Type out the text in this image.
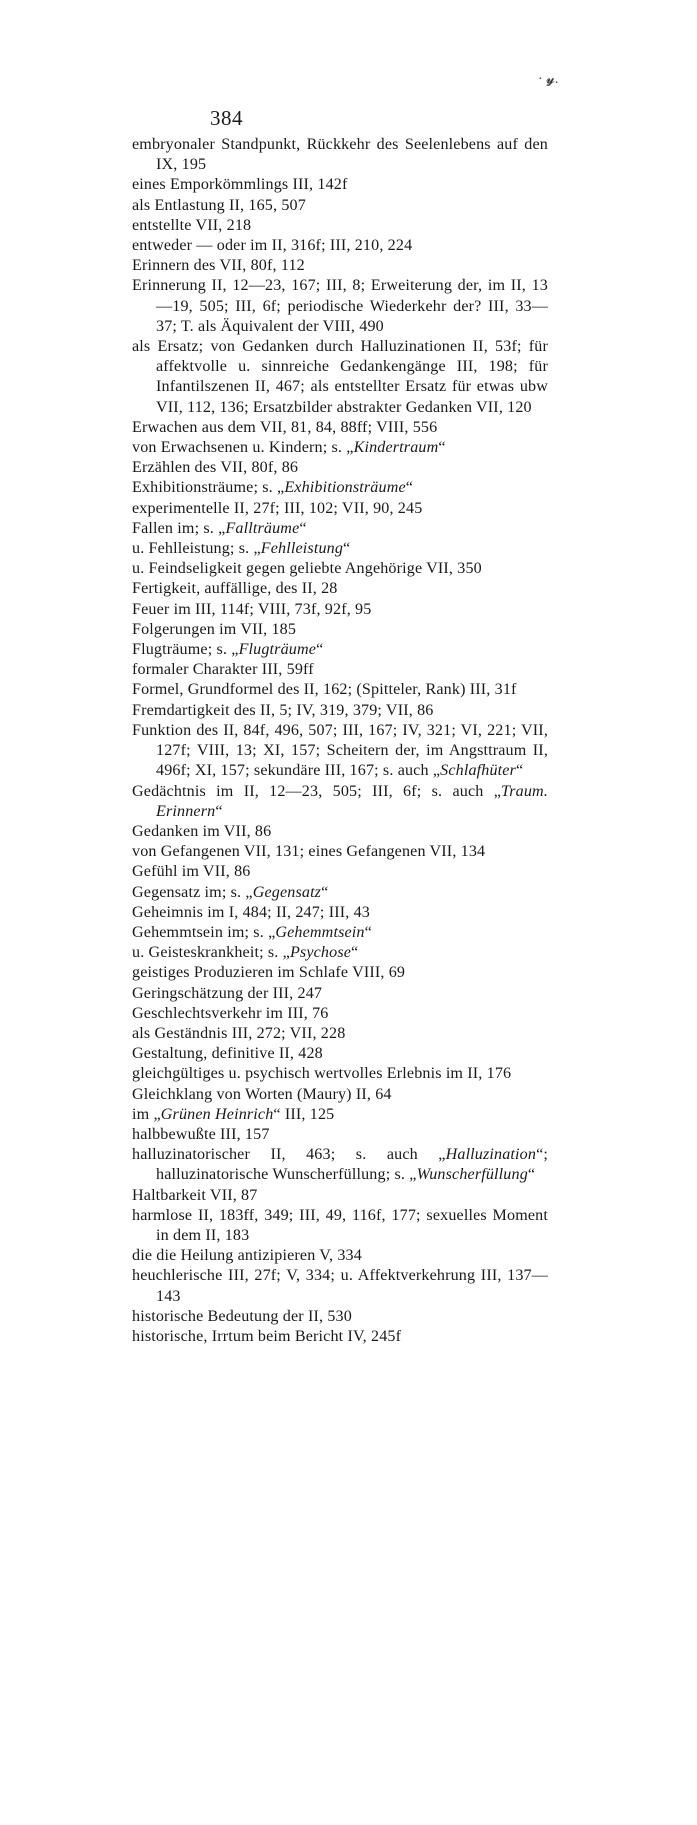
· 𝔂.
384
embryonaler Standpunkt, Rückkehr des Seelenlebens auf den IX, 195
eines Emporkömmlings III, 142f
als Entlastung II, 165, 507
entstellte VII, 218
entweder — oder im II, 316f; III, 210, 224
Erinnern des VII, 80f, 112
Erinnerung II, 12—23, 167; III, 8; Erweiterung der, im II, 13—19, 505; III, 6f; periodische Wiederkehr der? III, 33—37; T. als Äquivalent der VIII, 490
als Ersatz; von Gedanken durch Halluzinationen II, 53f; für affektvolle u. sinnreiche Gedankengänge III, 198; für Infantilszenen II, 467; als entstellter Ersatz für etwas ubw VII, 112, 136; Ersatzbilder abstrakter Gedanken VII, 120
Erwachen aus dem VII, 81, 84, 88ff; VIII, 556
von Erwachsenen u. Kindern; s. „Kindertraum“
Erzählen des VII, 80f, 86
Exhibitionsträume; s. „Exhibitionsträume“
experimentelle II, 27f; III, 102; VII, 90, 245
Fallen im; s. „Fallträume“
u. Fehlleistung; s. „Fehlleistung“
u. Feindseligkeit gegen geliebte Angehörige VII, 350
Fertigkeit, auffällige, des II, 28
Feuer im III, 114f; VIII, 73f, 92f, 95
Folgerungen im VII, 185
Flugträume; s. „Flugträume“
formaler Charakter III, 59ff
Formel, Grundformel des II, 162; (Spitteler, Rank) III, 31f
Fremdartigkeit des II, 5; IV, 319, 379; VII, 86
Funktion des II, 84f, 496, 507; III, 167; IV, 321; VI, 221; VII, 127f; VIII, 13; XI, 157; Scheitern der, im Angsttraum II, 496f; XI, 157; sekundäre III, 167; s. auch „Schlafhüter“
Gedächtnis im II, 12—23, 505; III, 6f; s. auch „Traum. Erinnern“
Gedanken im VII, 86
von Gefangenen VII, 131; eines Gefangenen VII, 134
Gefühl im VII, 86
Gegensatz im; s. „Gegensatz“
Geheimnis im I, 484; II, 247; III, 43
Gehemmtsein im; s. „Gehemmtsein“
u. Geisteskrankheit; s. „Psychose“
geistiges Produzieren im Schlafe VIII, 69
Geringschätzung der III, 247
Geschlechtsverkehr im III, 76
als Geständnis III, 272; VII, 228
Gestaltung, definitive II, 428
gleichgültiges u. psychisch wertvolles Erlebnis im II, 176
Gleichklang von Worten (Maury) II, 64
im „Grünen Heinrich“ III, 125
halbbewußte III, 157
halluzinatorischer II, 463; s. auch „Halluzination“; halluzinatorische Wunscherfüllung; s. „Wunscherfüllung“
Haltbarkeit VII, 87
harmlose II, 183ff, 349; III, 49, 116f, 177; sexuelles Moment in dem II, 183
die die Heilung antizipieren V, 334
heuchlerische III, 27f; V, 334; u. Affektverkehrung III, 137—143
historische Bedeutung der II, 530
historische, Irrtum beim Bericht IV, 245f
